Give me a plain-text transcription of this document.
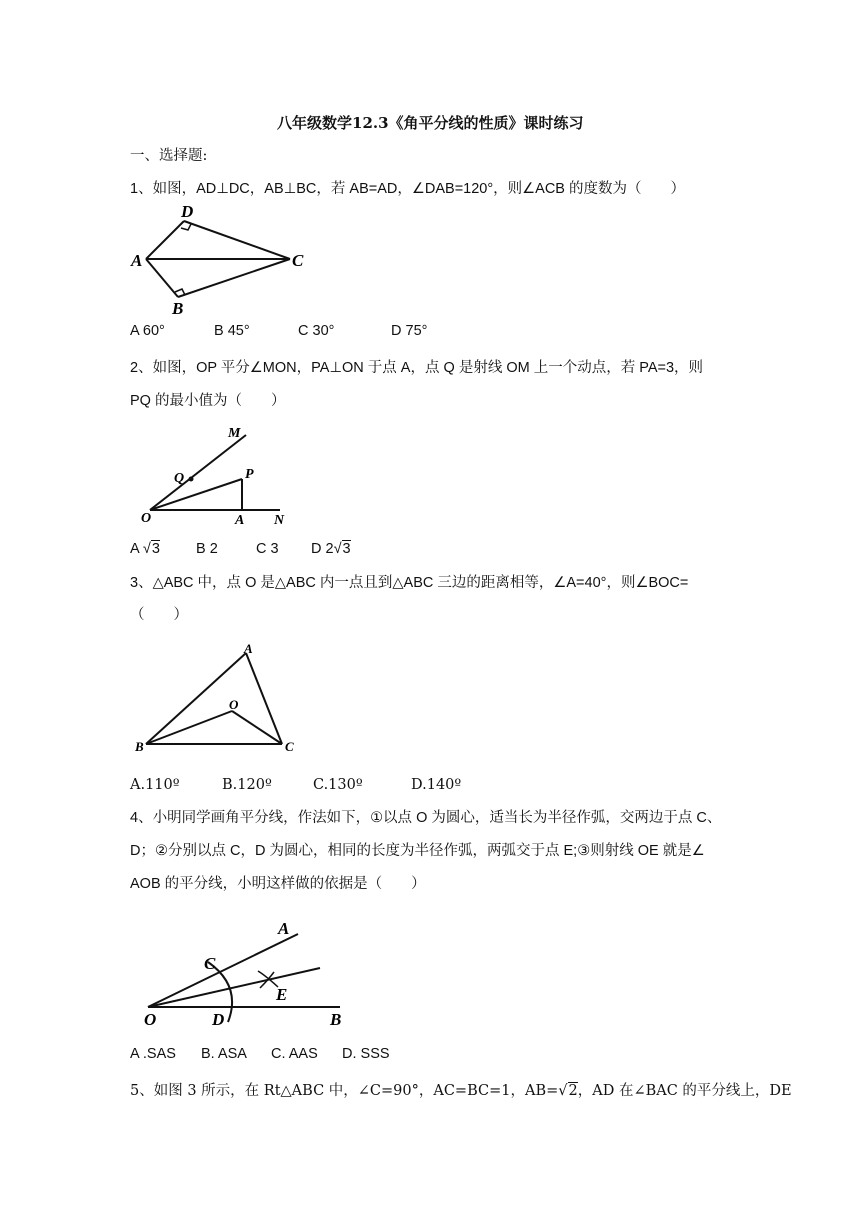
八年级数学12.3《角平分线的性质》课时练习
一、选择题:
1、如图，AD⊥DC，AB⊥BC，若 AB=AD，∠DAB=120°，则∠ACB 的度数为（　　）
D
A	C
B
A 60°	B 45°	C 30°	D 75°
2、如图，OP 平分∠MON，PA⊥ON 于点 A，点 Q 是射线 OM 上一个动点，若 PA=3，则
PQ 的最小值为（　　）
M
Q	P
O	A N
A √3 B 2	C 3 D 2√3
3、△ABC 中，点 O 是△ABC 内一点且到△ABC 三边的距离相等，∠A=40°，则∠BOC=
（　　）
A
O
B	C
A.110º	B.120º	C.130º	D.140º
4、小明同学画角平分线，作法如下，①以点 O 为圆心，适当长为半径作弧，交两边于点 C、
D；②分别以点 C，D 为圆心，相同的长度为半径作弧，两弧交于点 E;③则射线 OE 就是∠
AOB 的平分线，小明这样做的依据是（　　）
A
C
E
O	D	B
A .SAS B. ASA C. AAS D. SSS
5、如图 3 所示，在 Rt△ABC 中，∠C=90°，AC=BC=1，AB=√2，AD 在∠BAC 的平分线上，DE
